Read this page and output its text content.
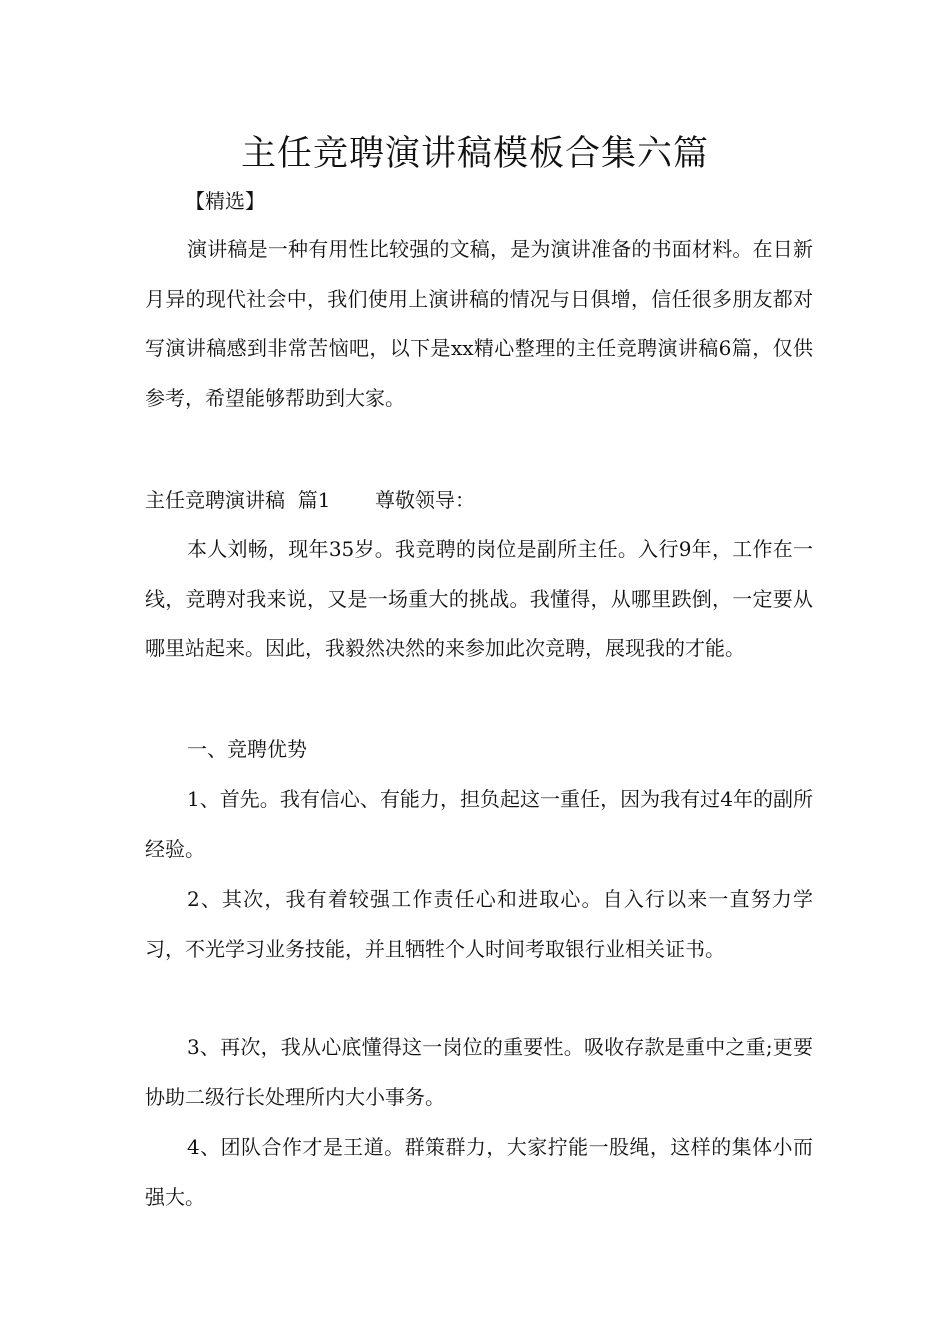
主任竞聘演讲稿模板合集六篇

【精选】

演讲稿是一种有用性比较强的文稿，是为演讲准备的书面材料。在日新月异的现代社会中，我们使用上演讲稿的情况与日俱增，信任很多朋友都对写演讲稿感到非常苦恼吧，以下是xx精心整理的主任竞聘演讲稿6篇，仅供参考，希望能够帮助到大家。

主任竞聘演讲稿  篇1       尊敬领导：

本人刘畅，现年35岁。我竞聘的岗位是副所主任。入行9年，工作在一线，竞聘对我来说，又是一场重大的挑战。我懂得，从哪里跌倒，一定要从哪里站起来。因此，我毅然决然的来参加此次竞聘，展现我的才能。

一、竞聘优势

1、首先。我有信心、有能力，担负起这一重任，因为我有过4年的副所经验。

2、其次，我有着较强工作责任心和进取心。自入行以来一直努力学习，不光学习业务技能，并且牺牲个人时间考取银行业相关证书。

3、再次，我从心底懂得这一岗位的重要性。吸收存款是重中之重;更要协助二级行长处理所内大小事务。

4、团队合作才是王道。群策群力，大家拧能一股绳，这样的集体小而强大。
